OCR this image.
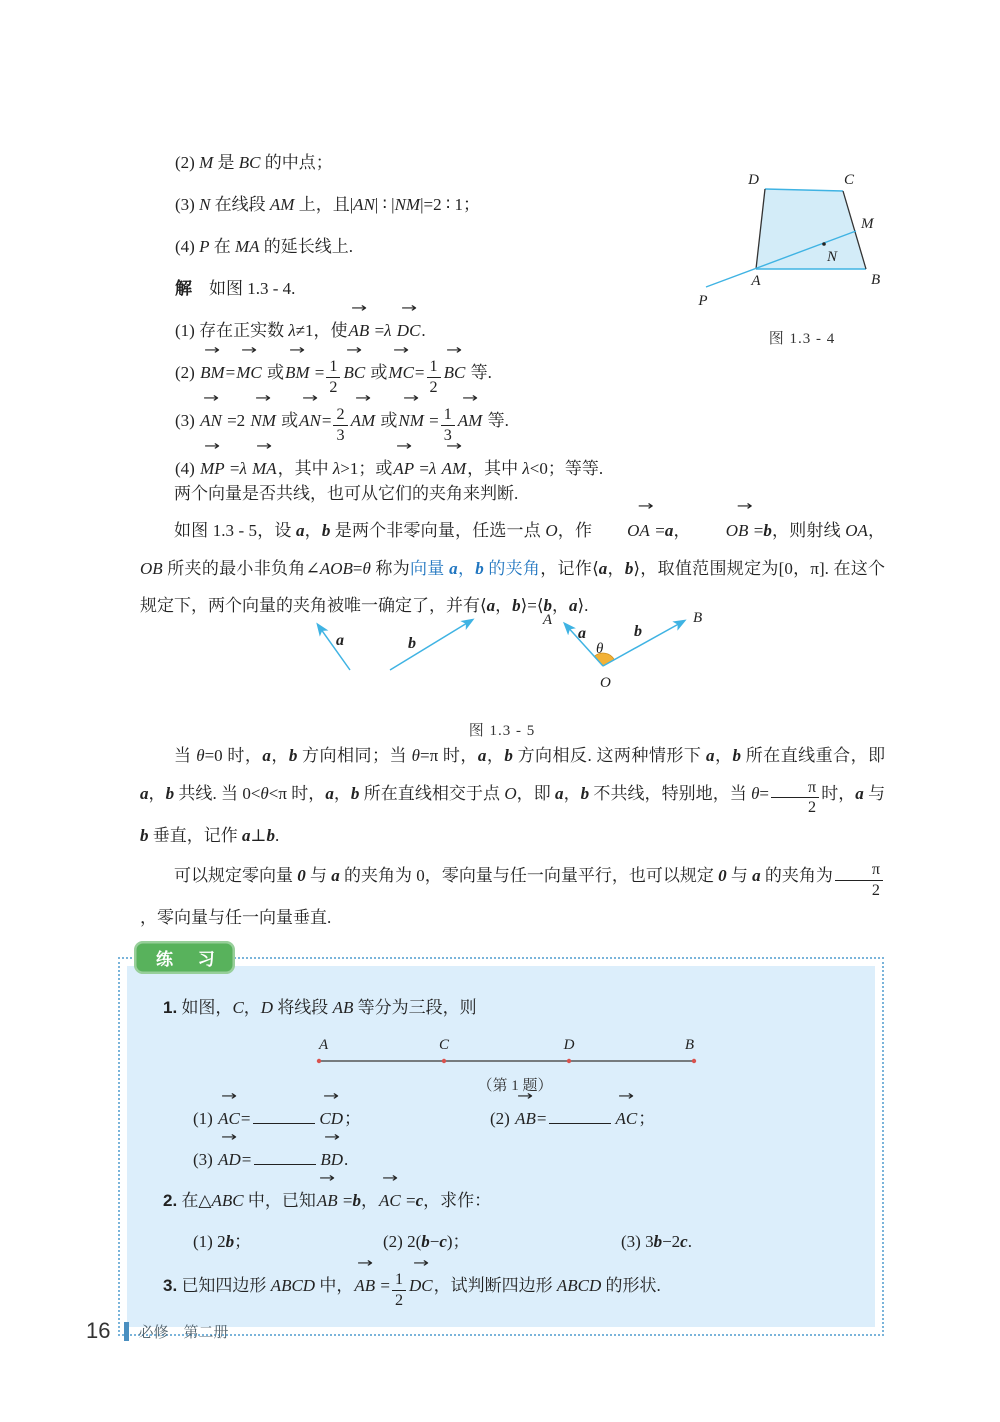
(2) M 是 BC 的中点；
(3) N 在线段 AM 上，且|AN| ∶ |NM|=2 ∶ 1；
(4) P 在 MA 的延长线上.
解　如图 1.3 - 4.
(1) 存在正实数 λ≠1，使AB → =λ DC →.
(2) BM →=MC → 或BM → = $\frac{1}{2}$ BC → 或MC →= $\frac{1}{2}$ BC → 等.
(3) AN → =2 NM → 或AN →= $\frac{2}{3}$ AM → 或NM → = $\frac{1}{3}$ AM → 等.
(4) MP → =λ MA →，其中 λ>1；或AP → =λ AM →，其中 λ<0；等等.
D	C
M
N
A	B
P
图 1.3 - 4

两个向量是否共线，也可从它们的夹角来判断.

如图 1.3 - 5，设 a，b 是两个非零向量，任选一点 O，作 OA → =a， OB → =b，则射线 OA，OB 所夹的最小非负角∠AOB=θ 称为向量 a，b 的夹角，记作⟨a，b⟩，取值范围规定为[0，π]. 在这个规定下，两个向量的夹角被唯一确定了，并有⟨a，b⟩=⟨b，a⟩.

a	b
A	B
a	b
θ
O
图 1.3 - 5

当 θ=0 时，a，b 方向相同；当 θ=π 时，a，b 方向相反. 这两种情形下 a，b 所在直线重合，即 a，b 共线. 当 0<θ<π 时，a，b 所在直线相交于点 O，即 a，b 不共线，特别地，当 $\theta= \frac{\pi}{2}$ 时，a 与 b 垂直，记作 a⊥b.

可以规定零向量 0 与 a 的夹角为 0，零向量与任一向量平行，也可以规定 0 与 a 的夹角为 $\frac{\pi}{2}$
，零向量与任一向量垂直.

练 习
1. 如图，C，D 将线段 AB 等分为三段，则
A	C	D	B
（第 1 题）
(1) AC →=	CD →；	(2) AB →=	AC →；
(3) AD →=	BD →.
2. 在△ABC 中，已知AB → =b，AC → =c，求作：
(1) 2b；	(2) 2(b−c)；	(3) 3b−2c.
3. 已知四边形 ABCD 中，AB → = $\frac{1}{2}$ DC →，试判断四边形 ABCD 的形状.
16 必修　第二册
